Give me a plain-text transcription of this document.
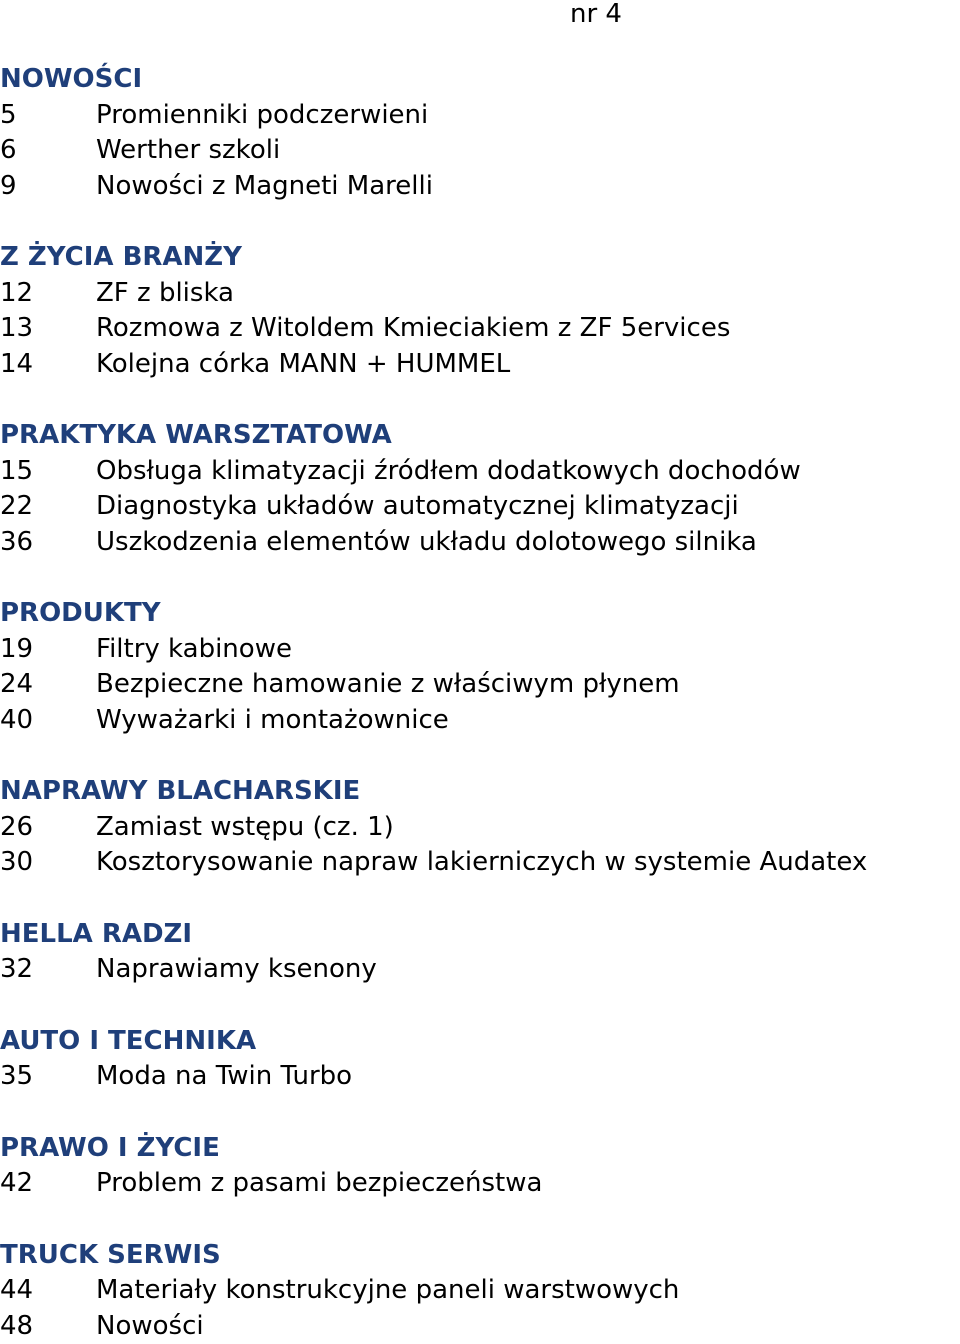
nr 4
NOWOŚCI
5	Promienniki podczerwieni
6	Werther szkoli
9	Nowości z Magneti Marelli
Z ŻYCIA BRANŻY
12	ZF z bliska
13	Rozmowa z Witoldem Kmieciakiem z ZF 5ervices
14	Kolejna córka MANN + HUMMEL
PRAKTYKA WARSZTATOWA
15	Obsługa klimatyzacji źródłem dodatkowych dochodów
22	Diagnostyka układów automatycznej klimatyzacji
36	Uszkodzenia elementów układu dolotowego silnika
PRODUKTY
19	Filtry kabinowe
24	Bezpieczne hamowanie z właściwym płynem
40	Wyważarki i montażownice
NAPRAWY BLACHARSKIE
26	Zamiast wstępu (cz. 1)
30	Kosztorysowanie napraw lakierniczych w systemie Audatex
HELLA RADZI
32	Naprawiamy ksenony
AUTO I TECHNIKA
35	Moda na Twin Turbo
PRAWO I ŻYCIE
42	Problem z pasami bezpieczeństwa
TRUCK SERWIS
44	Materiały konstrukcyjne paneli warstwowych
48	Nowości
